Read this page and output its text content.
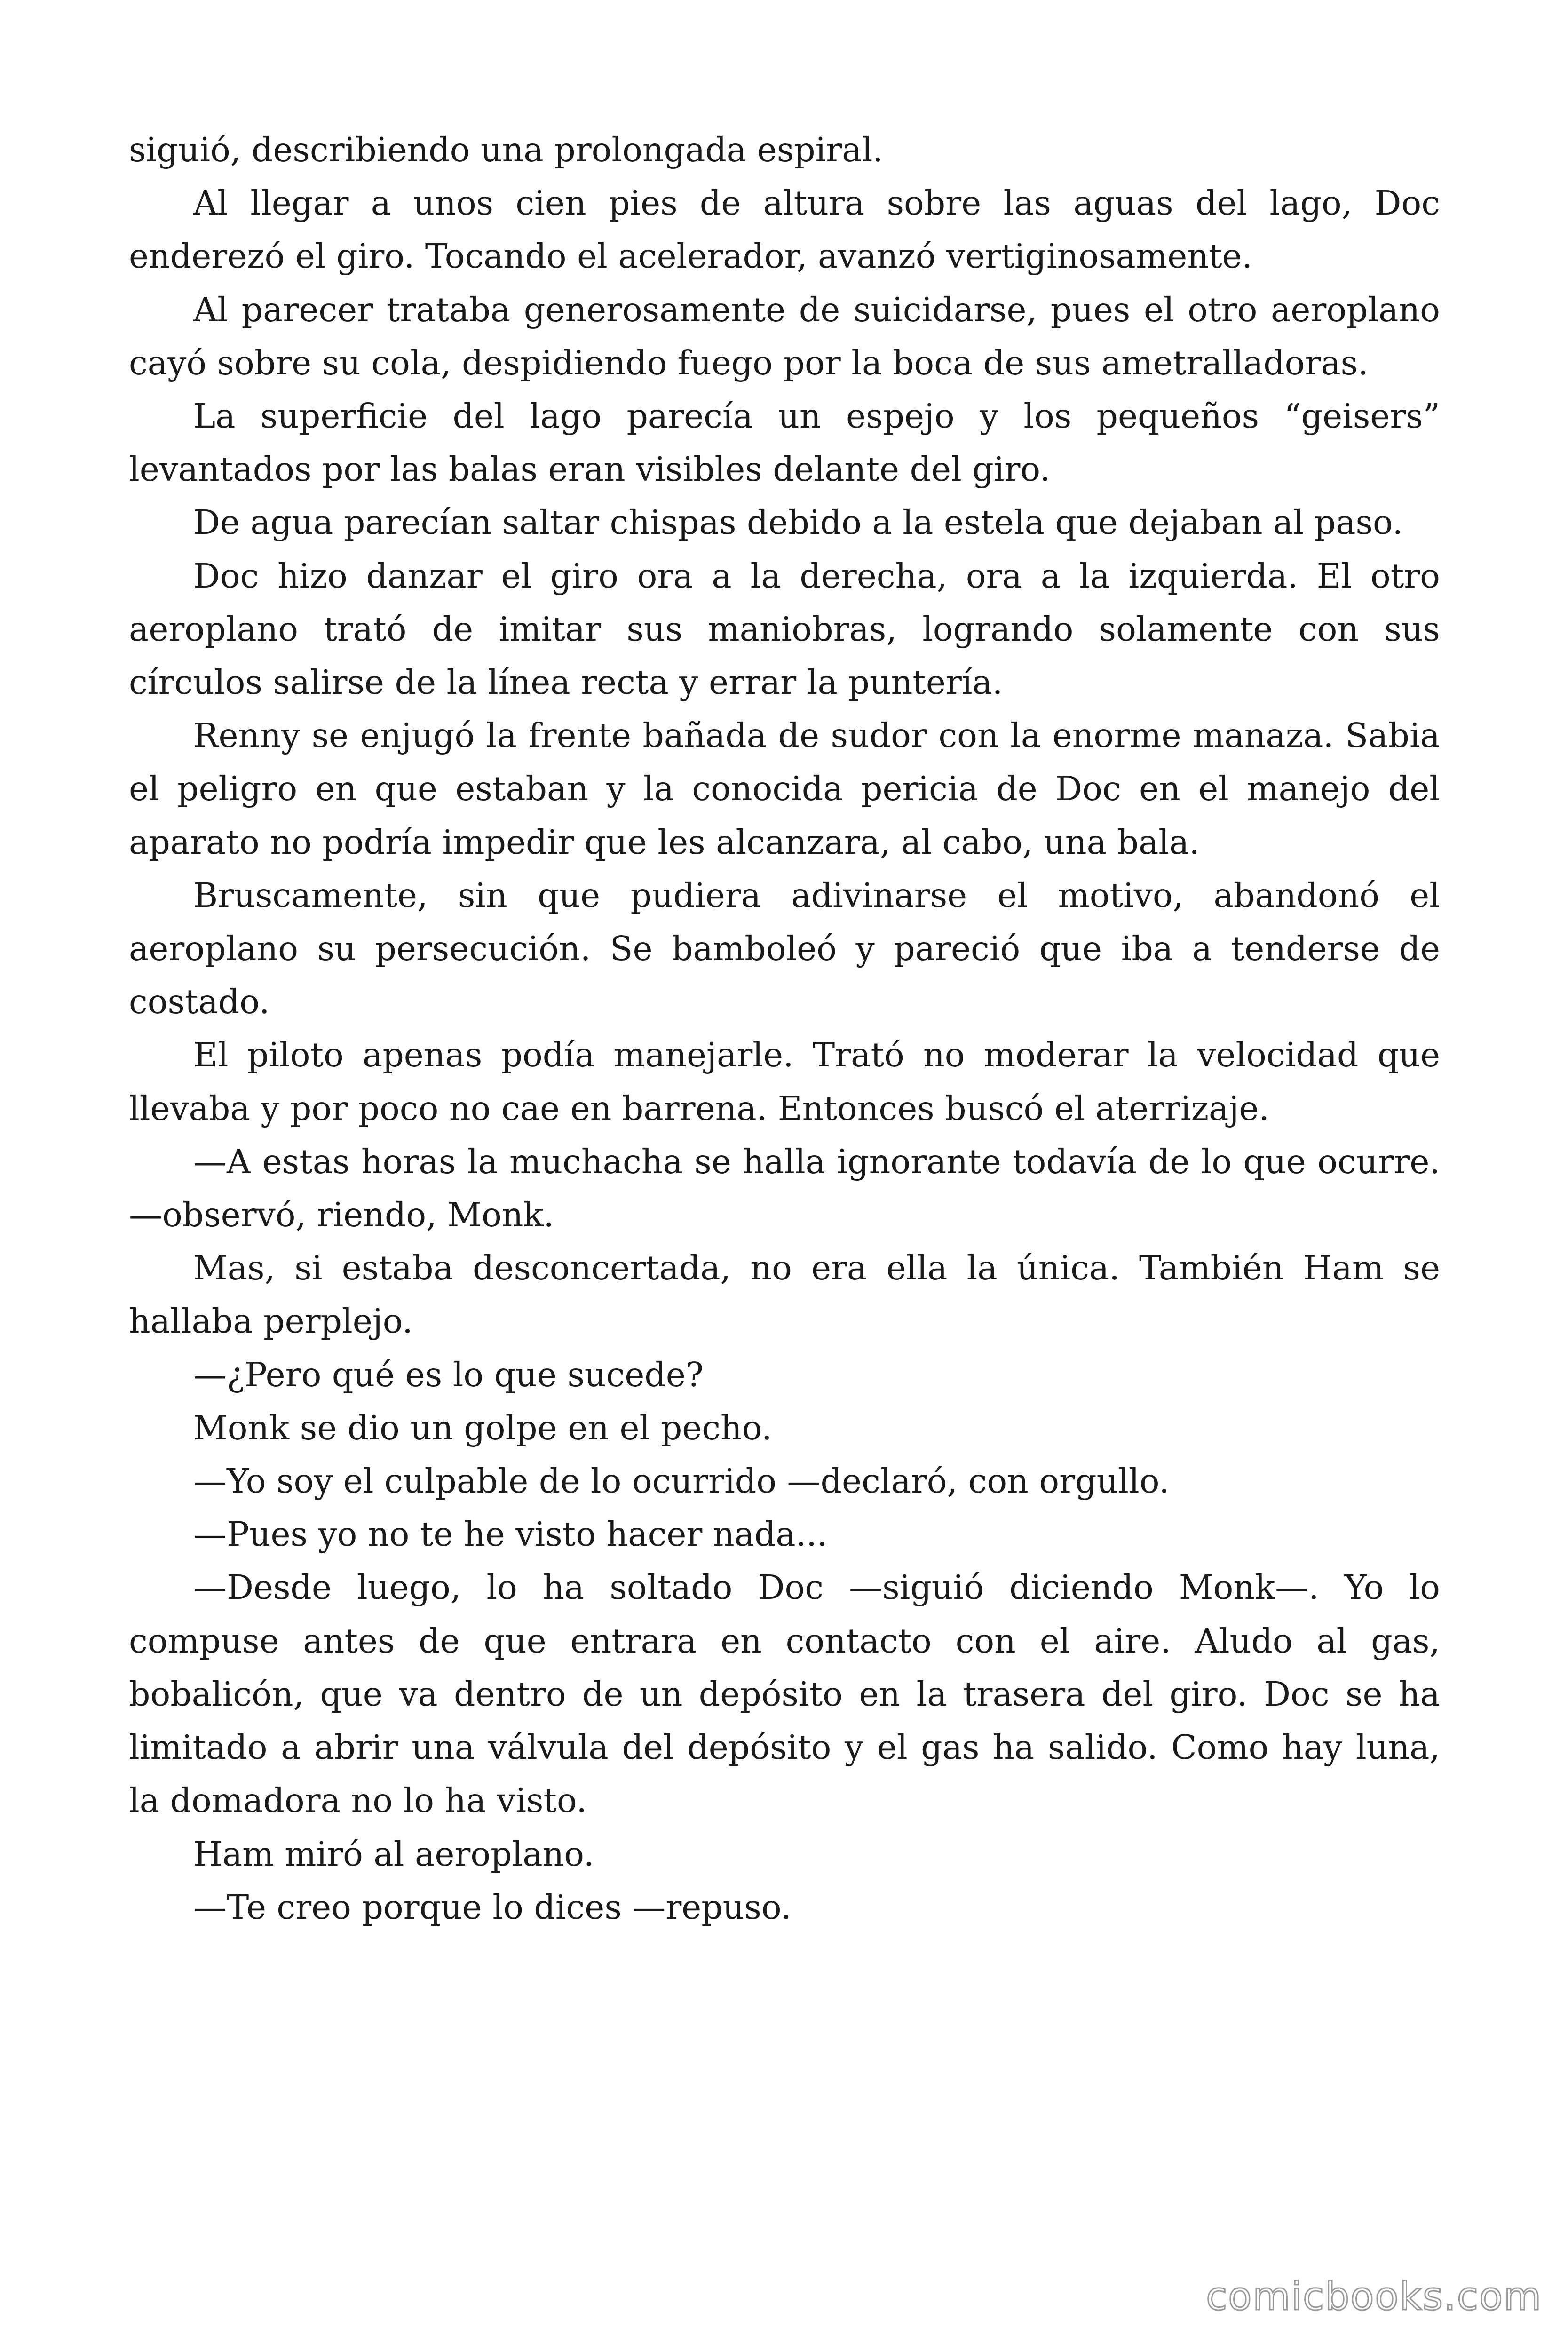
siguió, describiendo una prolongada espiral.

Al llegar a unos cien pies de altura sobre las aguas del lago, Doc enderezó el giro. Tocando el acelerador, avanzó vertiginosamente.

Al parecer trataba generosamente de suicidarse, pues el otro aeroplano cayó sobre su cola, despidiendo fuego por la boca de sus ametralladoras.

La superficie del lago parecía un espejo y los pequeños “geisers” levantados por las balas eran visibles delante del giro.

De agua parecían saltar chispas debido a la estela que dejaban al paso.

Doc hizo danzar el giro ora a la derecha, ora a la izquierda. El otro aeroplano trató de imitar sus maniobras, logrando solamente con sus círculos salirse de la línea recta y errar la puntería.

Renny se enjugó la frente bañada de sudor con la enorme manaza. Sabia el peligro en que estaban y la conocida pericia de Doc en el manejo del aparato no podría impedir que les alcanzara, al cabo, una bala.

Bruscamente, sin que pudiera adivinarse el motivo, abandonó el aeroplano su persecución. Se bamboleó y pareció que iba a tenderse de costado.

El piloto apenas podía manejarle. Trató no moderar la velocidad que llevaba y por poco no cae en barrena. Entonces buscó el aterrizaje.

—A estas horas la muchacha se halla ignorante todavía de lo que ocurre. —observó, riendo, Monk.

Mas, si estaba desconcertada, no era ella la única. También Ham se hallaba perplejo.

—¿Pero qué es lo que sucede?

Monk se dio un golpe en el pecho.

—Yo soy el culpable de lo ocurrido —declaró, con orgullo.

—Pues yo no te he visto hacer nada...

—Desde luego, lo ha soltado Doc —siguió diciendo Monk—. Yo lo compuse antes de que entrara en contacto con el aire. Aludo al gas, bobalicón, que va dentro de un depósito en la trasera del giro. Doc se ha limitado a abrir una válvula del depósito y el gas ha salido. Como hay luna, la domadora no lo ha visto.

Ham miró al aeroplano.

—Te creo porque lo dices —repuso.

comicbooks.com
